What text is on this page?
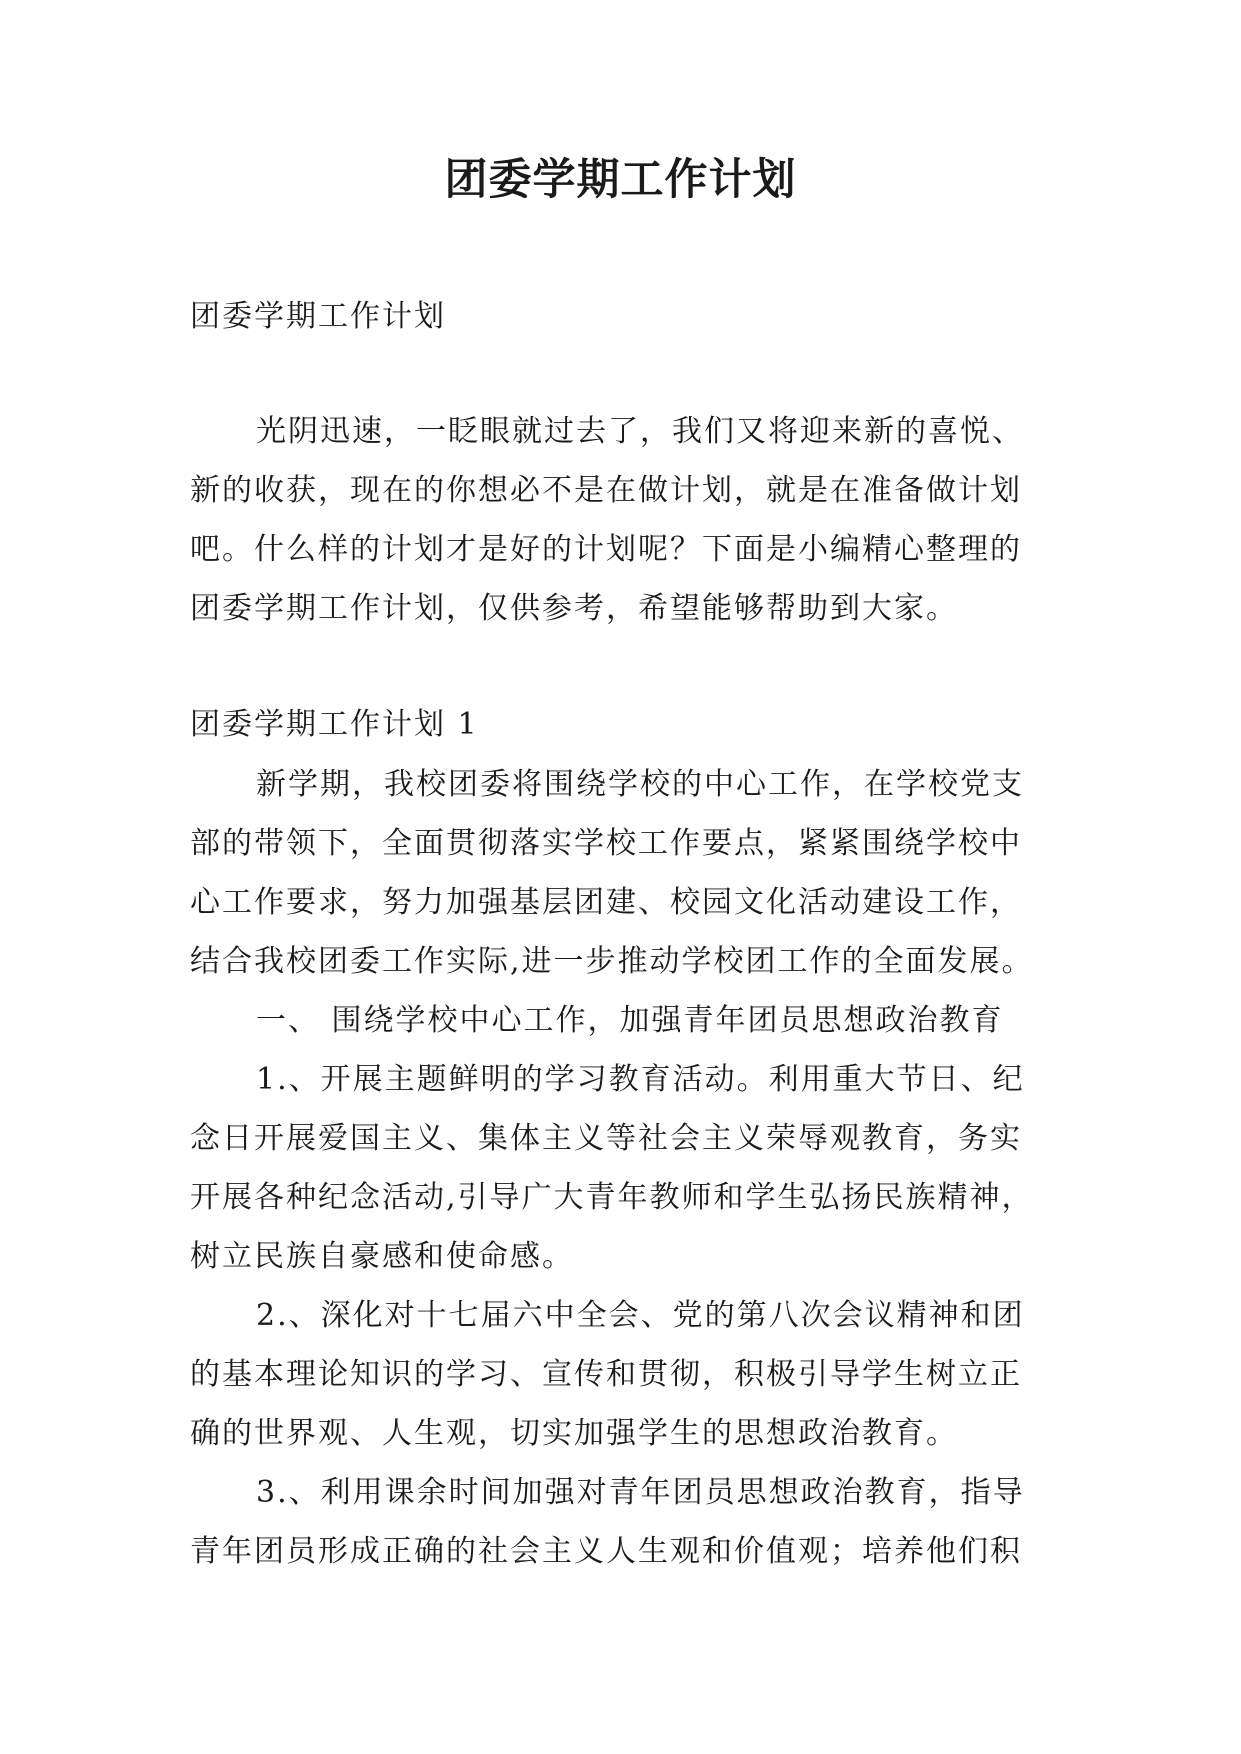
团委学期工作计划

团委学期工作计划

光阴迅速，一眨眼就过去了，我们又将迎来新的喜悦、
新的收获，现在的你想必不是在做计划，就是在准备做计划
吧。什么样的计划才是好的计划呢？下面是小编精心整理的
团委学期工作计划，仅供参考，希望能够帮助到大家。

团委学期工作计划 1

新学期，我校团委将围绕学校的中心工作，在学校党支
部的带领下，全面贯彻落实学校工作要点，紧紧围绕学校中
心工作要求，努力加强基层团建、校园文化活动建设工作，
结合我校团委工作实际,进一步推动学校团工作的全面发展。
一、 围绕学校中心工作，加强青年团员思想政治教育
1.、开展主题鲜明的学习教育活动。利用重大节日、纪
念日开展爱国主义、集体主义等社会主义荣辱观教育，务实
开展各种纪念活动,引导广大青年教师和学生弘扬民族精神，
树立民族自豪感和使命感。
2.、深化对十七届六中全会、党的第八次会议精神和团
的基本理论知识的学习、宣传和贯彻，积极引导学生树立正
确的世界观、人生观，切实加强学生的思想政治教育。
3.、利用课余时间加强对青年团员思想政治教育，指导
青年团员形成正确的社会主义人生观和价值观；培养他们积
